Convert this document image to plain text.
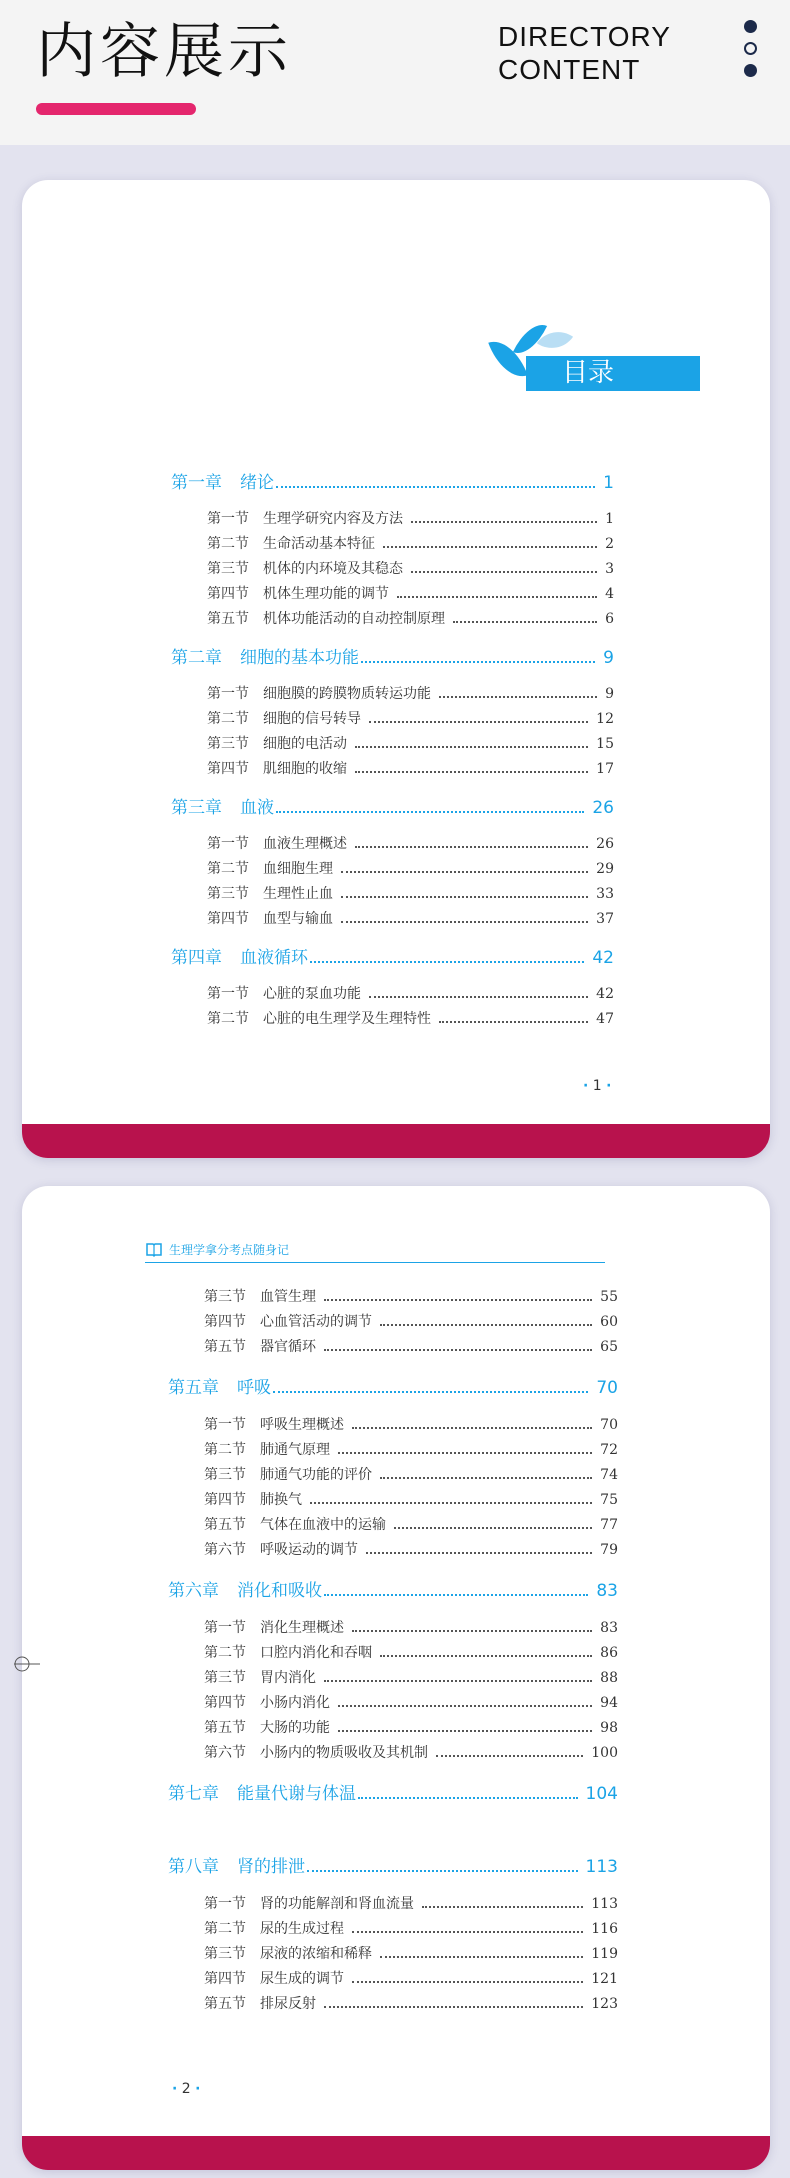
内容展示	DIRECTORY
CONTENT
目录
第一章 绪论	1
第一节 生理学研究内容及方法	1
第二节 生命活动基本特征	2
第三节 机体的内环境及其稳态	3
第四节 机体生理功能的调节	4
第五节 机体功能活动的自动控制原理	6
第二章 细胞的基本功能	9
第一节 细胞膜的跨膜物质转运功能	9
第二节 细胞的信号转导	12
第三节 细胞的电活动	15
第四节 肌细胞的收缩	17
第三章 血液	26
第一节 血液生理概述	26
第二节 血细胞生理	29
第三节 生理性止血	33
第四节 血型与输血	37
第四章 血液循环	42
第一节 心脏的泵血功能	42
第二节 心脏的电生理学及生理特性	47
· 1 ·
生理学拿分考点随身记
第三节 血管生理	55
第四节 心血管活动的调节	60
第五节 器官循环	65
第五章 呼吸	70
第一节 呼吸生理概述	70
第二节 肺通气原理	72
第三节 肺通气功能的评价	74
第四节 肺换气	75
第五节 气体在血液中的运输	77
第六节 呼吸运动的调节	79
第六章 消化和吸收	83
第一节 消化生理概述	83
第二节 口腔内消化和吞咽	86
第三节 胃内消化	88
第四节 小肠内消化	94
第五节 大肠的功能	98
第六节 小肠内的物质吸收及其机制	100
第七章 能量代谢与体温	104
第八章 肾的排泄	113
第一节 肾的功能解剖和肾血流量	113
第二节 尿的生成过程	116
第三节 尿液的浓缩和稀释	119
第四节 尿生成的调节	121
第五节 排尿反射	123
· 2 ·
